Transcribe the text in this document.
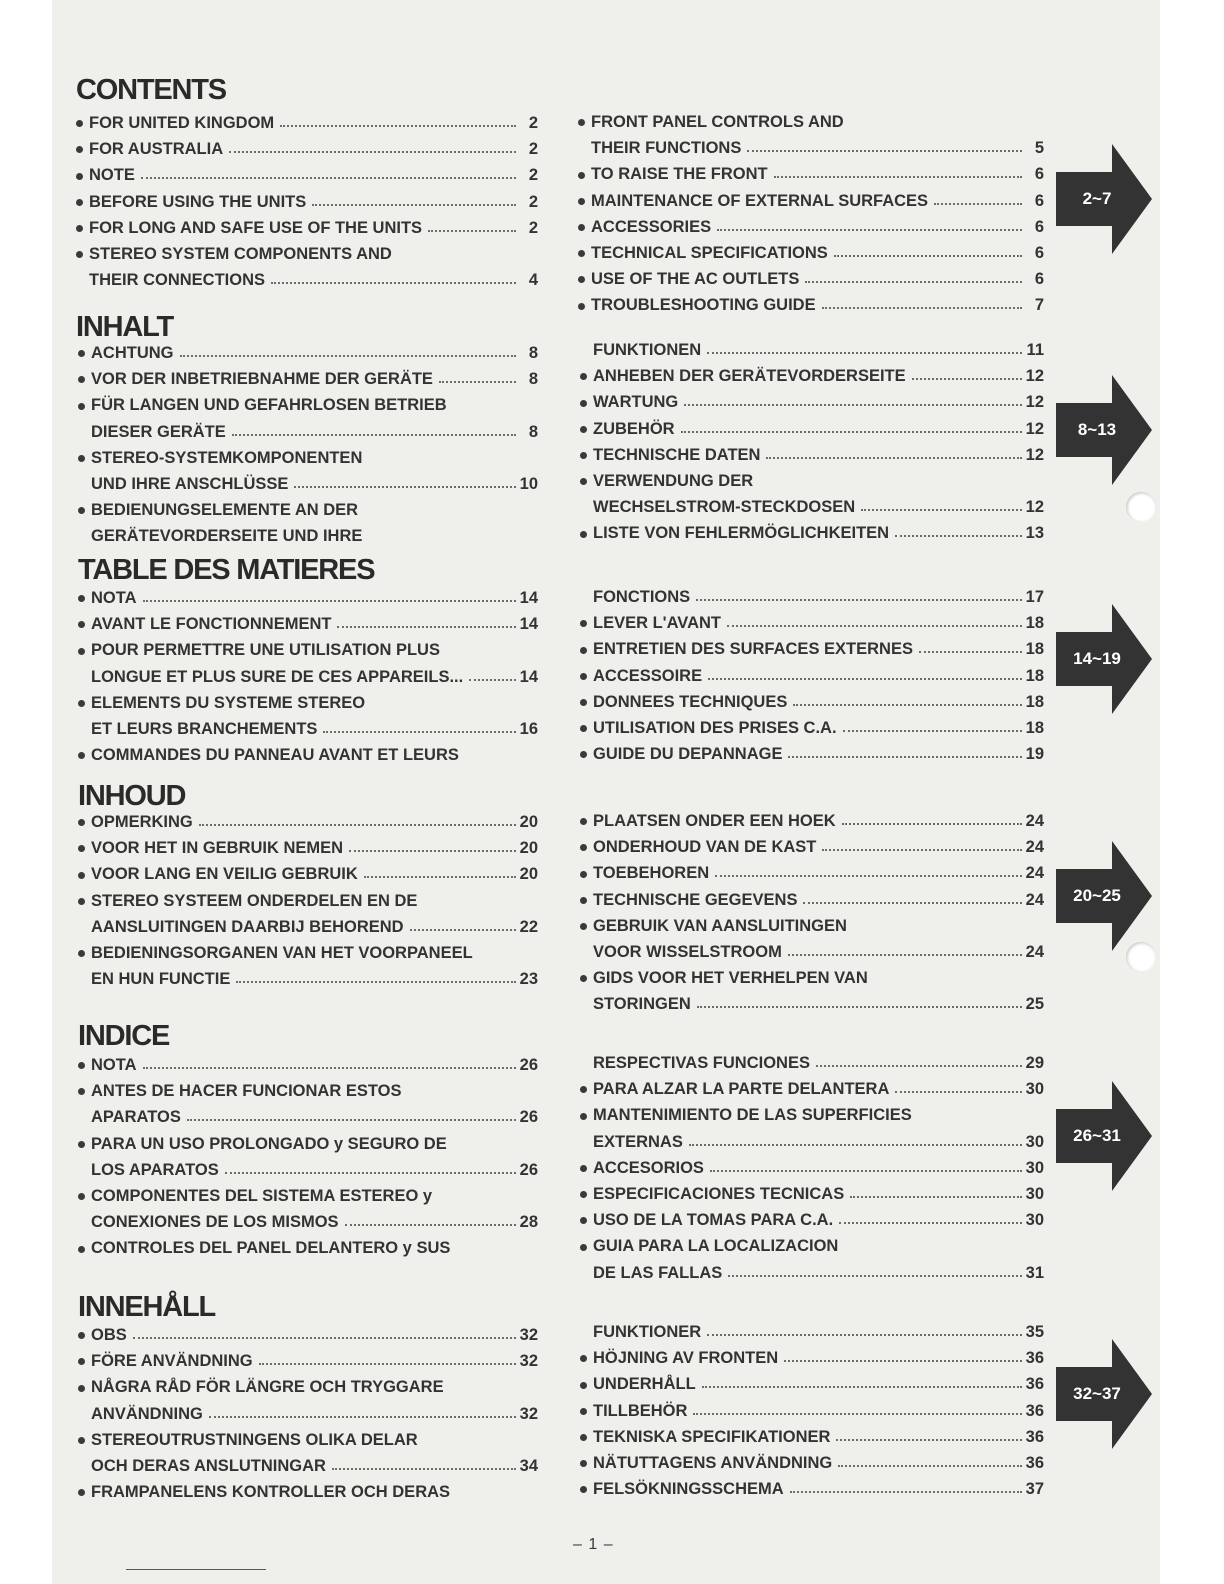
CONTENTS
FOR UNITED KINGDOM	2
FOR AUSTRALIA	2
NOTE	2
BEFORE USING THE UNITS	2
FOR LONG AND SAFE USE OF THE UNITS	2
STEREO SYSTEM COMPONENTS AND
THEIR CONNECTIONS	4
FRONT PANEL CONTROLS AND
THEIR FUNCTIONS	5
TO RAISE THE FRONT	6
MAINTENANCE OF EXTERNAL SURFACES	6
ACCESSORIES	6
TECHNICAL SPECIFICATIONS	6
USE OF THE AC OUTLETS	6
TROUBLESHOOTING GUIDE	7
2~7
INHALT
ACHTUNG	8
VOR DER INBETRIEBNAHME DER GERÄTE	8
FÜR LANGEN UND GEFAHRLOSEN BETRIEB
DIESER GERÄTE	8
STEREO-SYSTEMKOMPONENTEN
UND IHRE ANSCHLÜSSE	10
BEDIENUNGSELEMENTE AN DER
GERÄTEVORDERSEITE UND IHRE
FUNKTIONEN	11
ANHEBEN DER GERÄTEVORDERSEITE	12
WARTUNG	12
ZUBEHÖR	12
TECHNISCHE DATEN	12
VERWENDUNG DER
WECHSELSTROM-STECKDOSEN	12
LISTE VON FEHLERMÖGLICHKEITEN	13
8~13
TABLE DES MATIERES
NOTA	14
AVANT LE FONCTIONNEMENT	14
POUR PERMETTRE UNE UTILISATION PLUS
LONGUE ET PLUS SURE DE CES APPAREILS...	14
ELEMENTS DU SYSTEME STEREO
ET LEURS BRANCHEMENTS	16
COMMANDES DU PANNEAU AVANT ET LEURS
FONCTIONS	17
LEVER L'AVANT	18
ENTRETIEN DES SURFACES EXTERNES	18
ACCESSOIRE	18
DONNEES TECHNIQUES	18
UTILISATION DES PRISES C.A.	18
GUIDE DU DEPANNAGE	19
14~19
INHOUD
OPMERKING	20
VOOR HET IN GEBRUIK NEMEN	20
VOOR LANG EN VEILIG GEBRUIK	20
STEREO SYSTEEM ONDERDELEN EN DE
AANSLUITINGEN DAARBIJ BEHOREND	22
BEDIENINGSORGANEN VAN HET VOORPANEEL
EN HUN FUNCTIE	23
PLAATSEN ONDER EEN HOEK	24
ONDERHOUD VAN DE KAST	24
TOEBEHOREN	24
TECHNISCHE GEGEVENS	24
GEBRUIK VAN AANSLUITINGEN
VOOR WISSELSTROOM	24
GIDS VOOR HET VERHELPEN VAN
STORINGEN	25
20~25
INDICE
NOTA	26
ANTES DE HACER FUNCIONAR ESTOS
APARATOS	26
PARA UN USO PROLONGADO y SEGURO DE
LOS APARATOS	26
COMPONENTES DEL SISTEMA ESTEREO y
CONEXIONES DE LOS MISMOS	28
CONTROLES DEL PANEL DELANTERO y SUS
RESPECTIVAS FUNCIONES	29
PARA ALZAR LA PARTE DELANTERA	30
MANTENIMIENTO DE LAS SUPERFICIES
EXTERNAS	30
ACCESORIOS	30
ESPECIFICACIONES TECNICAS	30
USO DE LA TOMAS PARA C.A.	30
GUIA PARA LA LOCALIZACION
DE LAS FALLAS	31
26~31
INNEHÅLL
OBS	32
FÖRE ANVÄNDNING	32
NÅGRA RÅD FÖR LÄNGRE OCH TRYGGARE
ANVÄNDNING	32
STEREOUTRUSTNINGENS OLIKA DELAR
OCH DERAS ANSLUTNINGAR	34
FRAMPANELENS KONTROLLER OCH DERAS
FUNKTIONER	35
HÖJNING AV FRONTEN	36
UNDERHÅLL	36
TILLBEHÖR	36
TEKNISKA SPECIFIKATIONER	36
NÄTUTTAGENS ANVÄNDNING	36
FELSÖKNINGSSCHEMA	37
32~37
– 1 –
